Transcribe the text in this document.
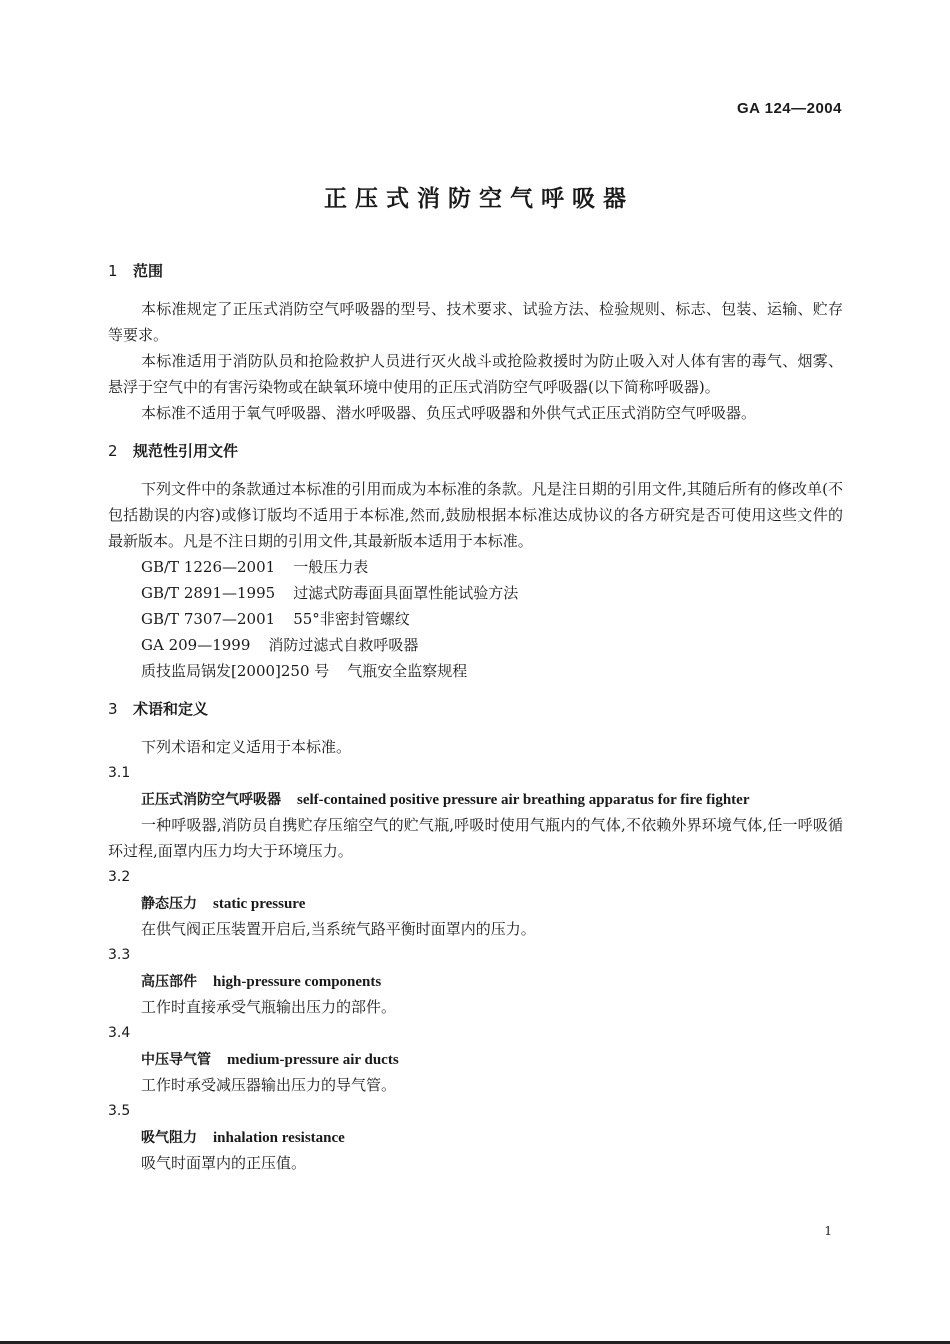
GA 124—2004
正压式消防空气呼吸器
1 范围

本标准规定了正压式消防空气呼吸器的型号、技术要求、试验方法、检验规则、标志、包装、运输、贮存等要求。

本标准适用于消防队员和抢险救护人员进行灭火战斗或抢险救援时为防止吸入对人体有害的毒气、烟雾、悬浮于空气中的有害污染物或在缺氧环境中使用的正压式消防空气呼吸器(以下简称呼吸器)。

本标准不适用于氧气呼吸器、潜水呼吸器、负压式呼吸器和外供气式正压式消防空气呼吸器。

2 规范性引用文件

下列文件中的条款通过本标准的引用而成为本标准的条款。凡是注日期的引用文件,其随后所有的修改单(不包括勘误的内容)或修订版均不适用于本标准,然而,鼓励根据本标准达成协议的各方研究是否可使用这些文件的最新版本。凡是不注日期的引用文件,其最新版本适用于本标准。

GB/T 1226—2001 一般压力表

GB/T 2891—1995 过滤式防毒面具面罩性能试验方法

GB/T 7307—2001 55°非密封管螺纹

GA 209—1999 消防过滤式自救呼吸器

质技监局锅发[2000]250 号 气瓶安全监察规程

3 术语和定义

下列术语和定义适用于本标准。

3.1

正压式消防空气呼吸器 self-contained positive pressure air breathing apparatus for fire fighter

一种呼吸器,消防员自携贮存压缩空气的贮气瓶,呼吸时使用气瓶内的气体,不依赖外界环境气体,任一呼吸循环过程,面罩内压力均大于环境压力。

3.2

静态压力 static pressure

在供气阀正压装置开启后,当系统气路平衡时面罩内的压力。

3.3

高压部件 high-pressure components

工作时直接承受气瓶输出压力的部件。

3.4

中压导气管 medium-pressure air ducts

工作时承受减压器输出压力的导气管。

3.5

吸气阻力 inhalation resistance

吸气时面罩内的正压值。

1
